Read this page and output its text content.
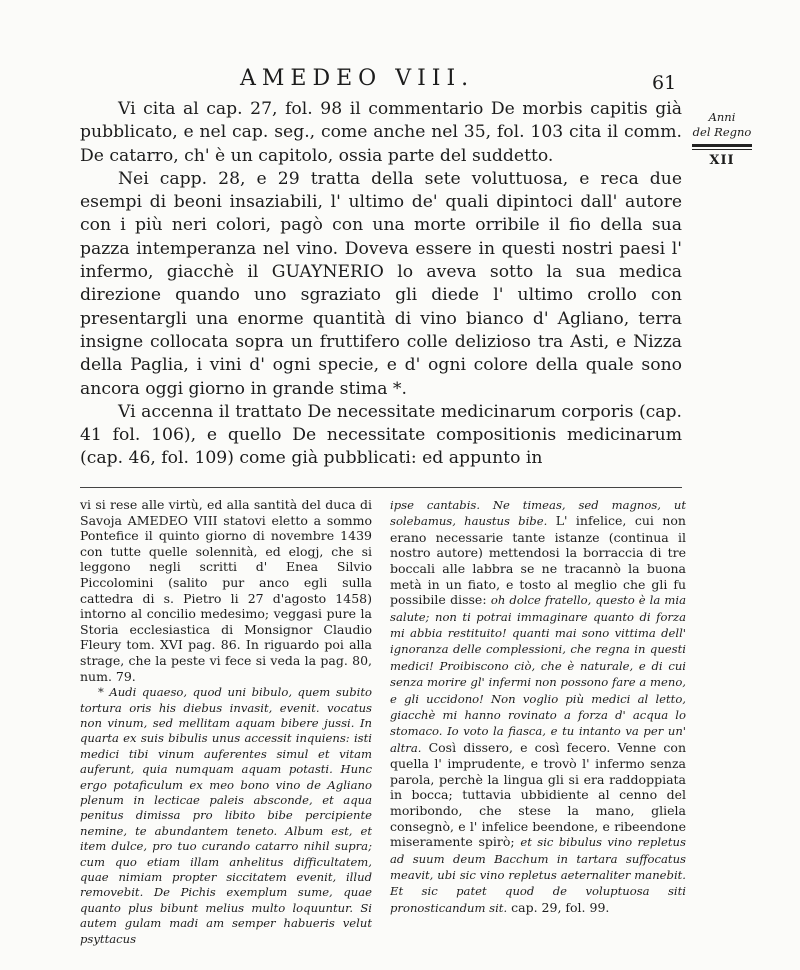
AMEDEO VIII.	61
Anni
del Regno
XII

Vi cita al cap. 27, fol. 98 il commentario De morbis capitis già pubblicato, e nel cap. seg., come anche nel 35, fol. 103 cita il comm. De catarro, ch' è un capitolo, ossia parte del suddetto.

Nei capp. 28, e 29 tratta della sete voluttuosa, e reca due esempi di beoni insaziabili, l' ultimo de' quali dipintoci dall' autore con i più neri colori, pagò con una morte orribile il fio della sua pazza intemperanza nel vino. Doveva essere in questi nostri paesi l' infermo, giacchè il GUAYNERIO lo aveva sotto la sua medica direzione quando uno sgraziato gli diede l' ultimo crollo con presentargli una enorme quantità di vino bianco d' Agliano, terra insigne collocata sopra un fruttifero colle delizioso tra Asti, e Nizza della Paglia, i vini d' ogni specie, e d' ogni colore della quale sono ancora oggi giorno in grande stima *.

Vi accenna il trattato De necessitate medicinarum corporis (cap. 41 fol. 106), e quello De necessitate compositionis medicinarum (cap. 46, fol. 109) come già pubblicati: ed appunto in

vi si rese alle virtù, ed alla santità del duca di Savoja AMEDEO VIII statovi eletto a sommo Pontefice il quinto giorno di novembre 1439 con tutte quelle solennità, ed elogj, che si leggono negli scritti d' Enea Silvio Piccolomini (salito pur anco egli sulla cattedra di s. Pietro li 27 d'agosto 1458) intorno al concilio medesimo; veggasi pure la Storia ecclesiastica di Monsignor Claudio Fleury tom. XVI pag. 86. In riguardo poi alla strage, che la peste vi fece si veda la pag. 80, num. 79.

* Audi quaeso, quod uni bibulo, quem subito tortura oris his diebus invasit, evenit. vocatus non vinum, sed mellitam aquam bibere jussi. In quarta ex suis bibulis unus accessit inquiens: isti medici tibi vinum auferentes simul et vitam auferunt, quia numquam aquam potasti. Hunc ergo potaficulum ex meo bono vino de Agliano plenum in lecticae paleis absconde, et aqua penitus dimissa pro libito bibe percipiente nemine, te abundantem teneto. Album est, et item dulce, pro tuo curando catarro nihil supra; cum quo etiam illam anhelitus difficultatem, quae nimiam propter siccitatem evenit, illud removebit. De Pichis exemplum sume, quae quanto plus bibunt melius multo loquuntur. Si autem gulam madi am semper habueris velut psyttacus

ipse cantabis. Ne timeas, sed magnos, ut solebamus, haustus bibe. L' infelice, cui non erano necessarie tante istanze (continua il nostro autore) mettendosi la borraccia di tre boccali alle labbra se ne tracannò la buona metà in un fiato, e tosto al meglio che gli fu possibile disse: oh dolce fratello, questo è la mia salute; non ti potrai immaginare quanto di forza mi abbia restituito! quanti mai sono vittima dell' ignoranza delle complessioni, che regna in questi medici! Proibiscono ciò, che è naturale, e di cui senza morire gl' infermi non possono fare a meno, e gli uccidono! Non voglio più medici al letto, giacchè mi hanno rovinato a forza d' acqua lo stomaco. Io voto la fiasca, e tu intanto va per un' altra. Così dissero, e così fecero. Venne con quella l' imprudente, e trovò l' infermo senza parola, perchè la lingua gli si era raddoppiata in bocca; tuttavia ubbidiente al cenno del moribondo, che stese la mano, gliela consegnò, e l' infelice beendone, e ribeendone miseramente spirò; et sic bibulus vino repletus ad suum deum Bacchum in tartara suffocatus meavit, ubi sic vino repletus aeternaliter manebit. Et sic patet quod de voluptuosa siti pronosticandum sit. cap. 29, fol. 99.
